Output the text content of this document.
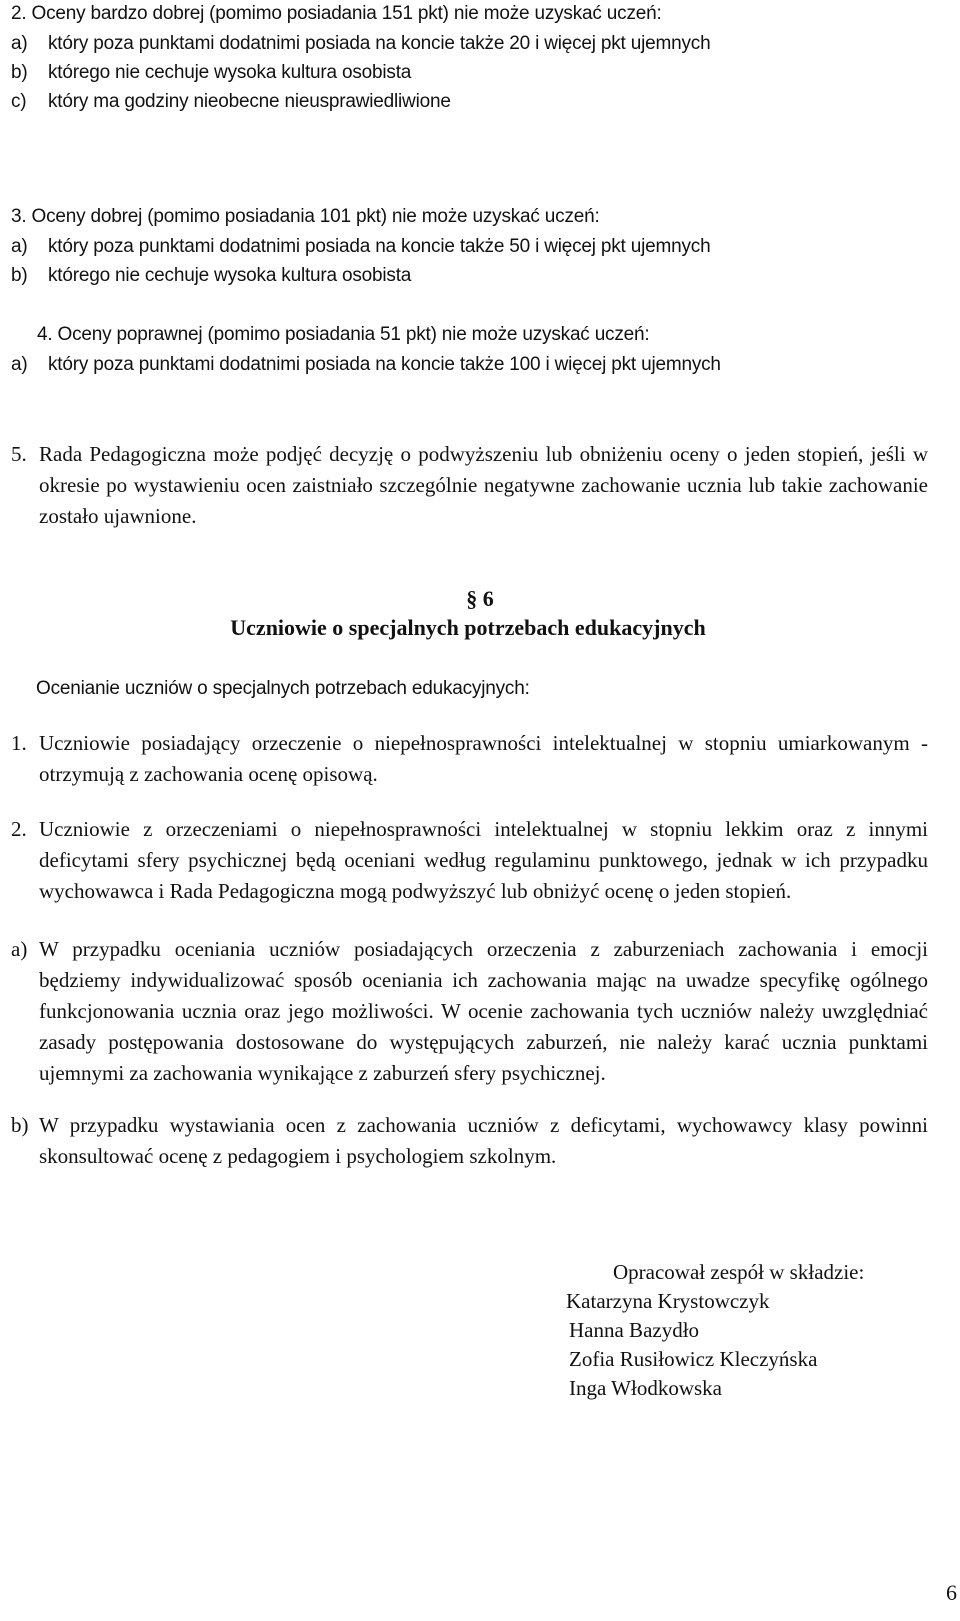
2. Oceny bardzo dobrej (pomimo posiadania 151 pkt) nie może uzyskać uczeń:
a) który poza punktami dodatnimi posiada na koncie także 20 i więcej pkt ujemnych
b) którego nie cechuje wysoka kultura osobista
c) który ma godziny nieobecne nieusprawiedliwione
3. Oceny dobrej (pomimo posiadania 101 pkt) nie może uzyskać uczeń:
a) który poza punktami dodatnimi posiada na koncie także 50 i więcej pkt ujemnych
b) którego nie cechuje wysoka kultura osobista
4. Oceny poprawnej (pomimo posiadania 51 pkt) nie może uzyskać uczeń:
a) który poza punktami dodatnimi posiada na koncie także 100 i więcej pkt ujemnych
5. Rada Pedagogiczna może podjęć decyzję o podwyższeniu lub obniżeniu oceny o jeden stopień, jeśli w okresie po wystawieniu ocen zaistniało szczególnie negatywne zachowanie ucznia lub takie zachowanie zostało ujawnione.
§ 6
Uczniowie o specjalnych potrzebach edukacyjnych
Ocenianie uczniów o specjalnych potrzebach edukacyjnych:
1. Uczniowie posiadający orzeczenie o niepełnosprawności intelektualnej w stopniu umiarkowanym - otrzymują z zachowania ocenę opisową.
2. Uczniowie z orzeczeniami o niepełnosprawności intelektualnej w stopniu lekkim oraz z innymi deficytami sfery psychicznej będą oceniani według regulaminu punktowego, jednak w ich przypadku wychowawca i Rada Pedagogiczna mogą podwyższyć lub obniżyć ocenę o jeden stopień.
a) W przypadku oceniania uczniów posiadających orzeczenia z zaburzeniach zachowania i emocji będziemy indywidualizować sposób oceniania ich zachowania mając na uwadze specyfikę ogólnego funkcjonowania ucznia oraz jego możliwości. W ocenie zachowania tych uczniów należy uwzględniać zasady postępowania dostosowane do występujących zaburzeń, nie należy karać ucznia punktami ujemnymi za zachowania wynikające z zaburzeń sfery psychicznej.
b) W przypadku wystawiania ocen z zachowania uczniów z deficytami, wychowawcy klasy powinni skonsultować ocenę z pedagogiem i psychologiem szkolnym.
Opracował zespół w składzie:
Katarzyna Krystowczyk
Hanna Bazydło
Zofia Rusiłowicz Kleczyńska
Inga Włodkowska
6
